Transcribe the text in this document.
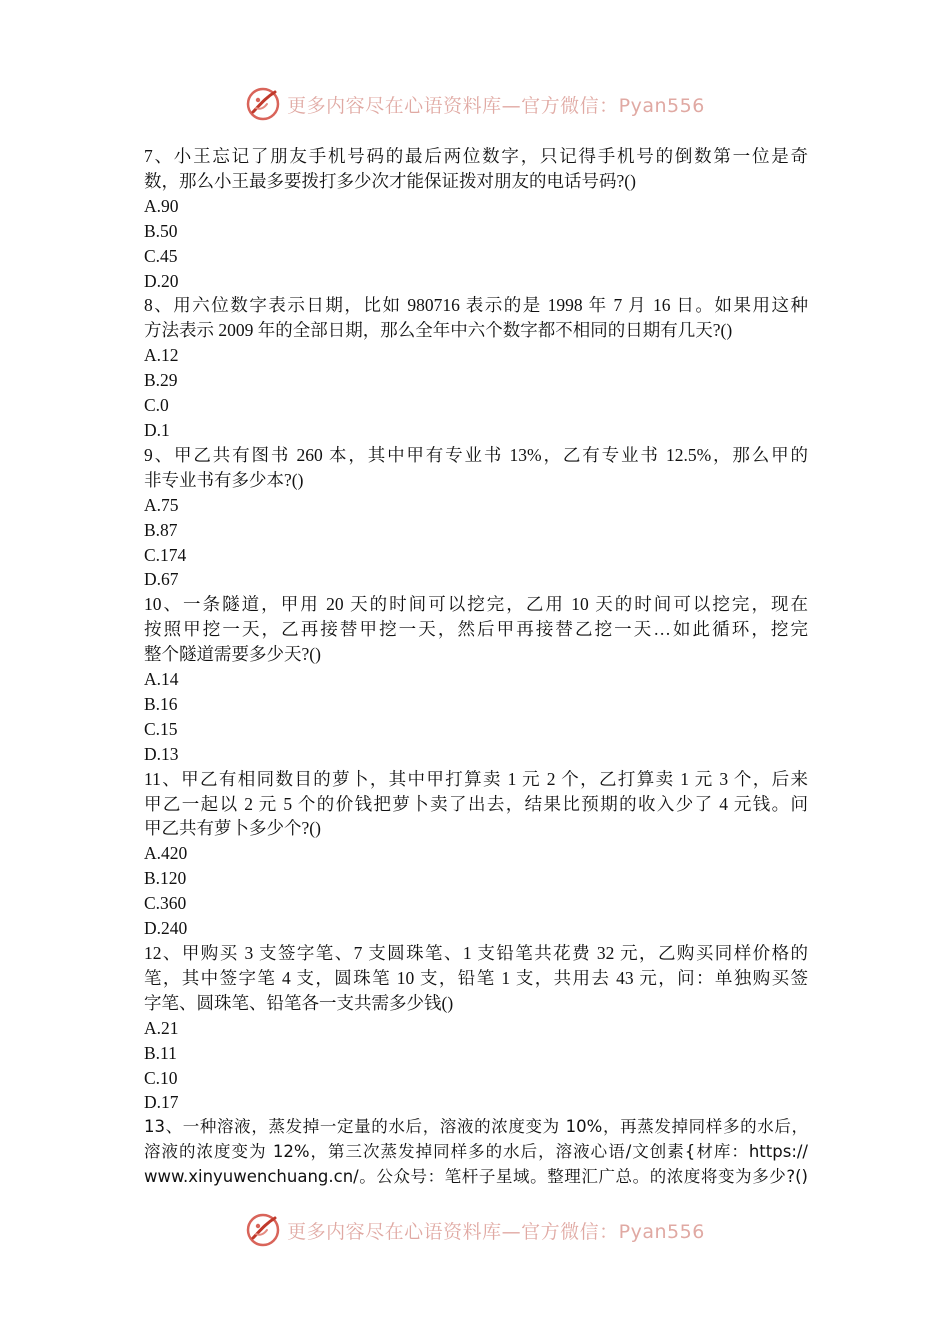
更多内容尽在心语资料库—官方微信：Pyan556
7、小王忘记了朋友手机号码的最后两位数字，只记得手机号的倒数第一位是奇
数，那么小王最多要拨打多少次才能保证拨对朋友的电话号码?()
A.90
B.50
C.45
D.20
8、用六位数字表示日期，比如 980716 表示的是 1998 年 7 月 16 日。如果用这种
方法表示 2009 年的全部日期，那么全年中六个数字都不相同的日期有几天?()
A.12
B.29
C.0
D.1
9、甲乙共有图书 260 本，其中甲有专业书 13%，乙有专业书 12.5%，那么甲的
非专业书有多少本?()
A.75
B.87
C.174
D.67
10、一条隧道，甲用 20 天的时间可以挖完，乙用 10 天的时间可以挖完，现在
按照甲挖一天，乙再接替甲挖一天，然后甲再接替乙挖一天…如此循环，挖完
整个隧道需要多少天?()
A.14
B.16
C.15
D.13
11、甲乙有相同数目的萝卜，其中甲打算卖 1 元 2 个，乙打算卖 1 元 3 个，后来
甲乙一起以 2 元 5 个的价钱把萝卜卖了出去，结果比预期的收入少了 4 元钱。问
甲乙共有萝卜多少个?()
A.420
B.120
C.360
D.240
12、甲购买 3 支签字笔、7 支圆珠笔、1 支铅笔共花费 32 元，乙购买同样价格的
笔，其中签字笔 4 支，圆珠笔 10 支，铅笔 1 支，共用去 43 元，问：单独购买签
字笔、圆珠笔、铅笔各一支共需多少钱()
A.21
B.11
C.10
D.17
13、一种溶液，蒸发掉一定量的水后，溶液的浓度变为 10%，再蒸发掉同样多的水后，
溶液的浓度变为 12%，第三次蒸发掉同样多的水后，溶液心语/文创素{材库：https://
www.xinyuwenchuang.cn/。公众号：笔杆子星域。整理汇广总。的浓度将变为多少?()
更多内容尽在心语资料库—官方微信：Pyan556
